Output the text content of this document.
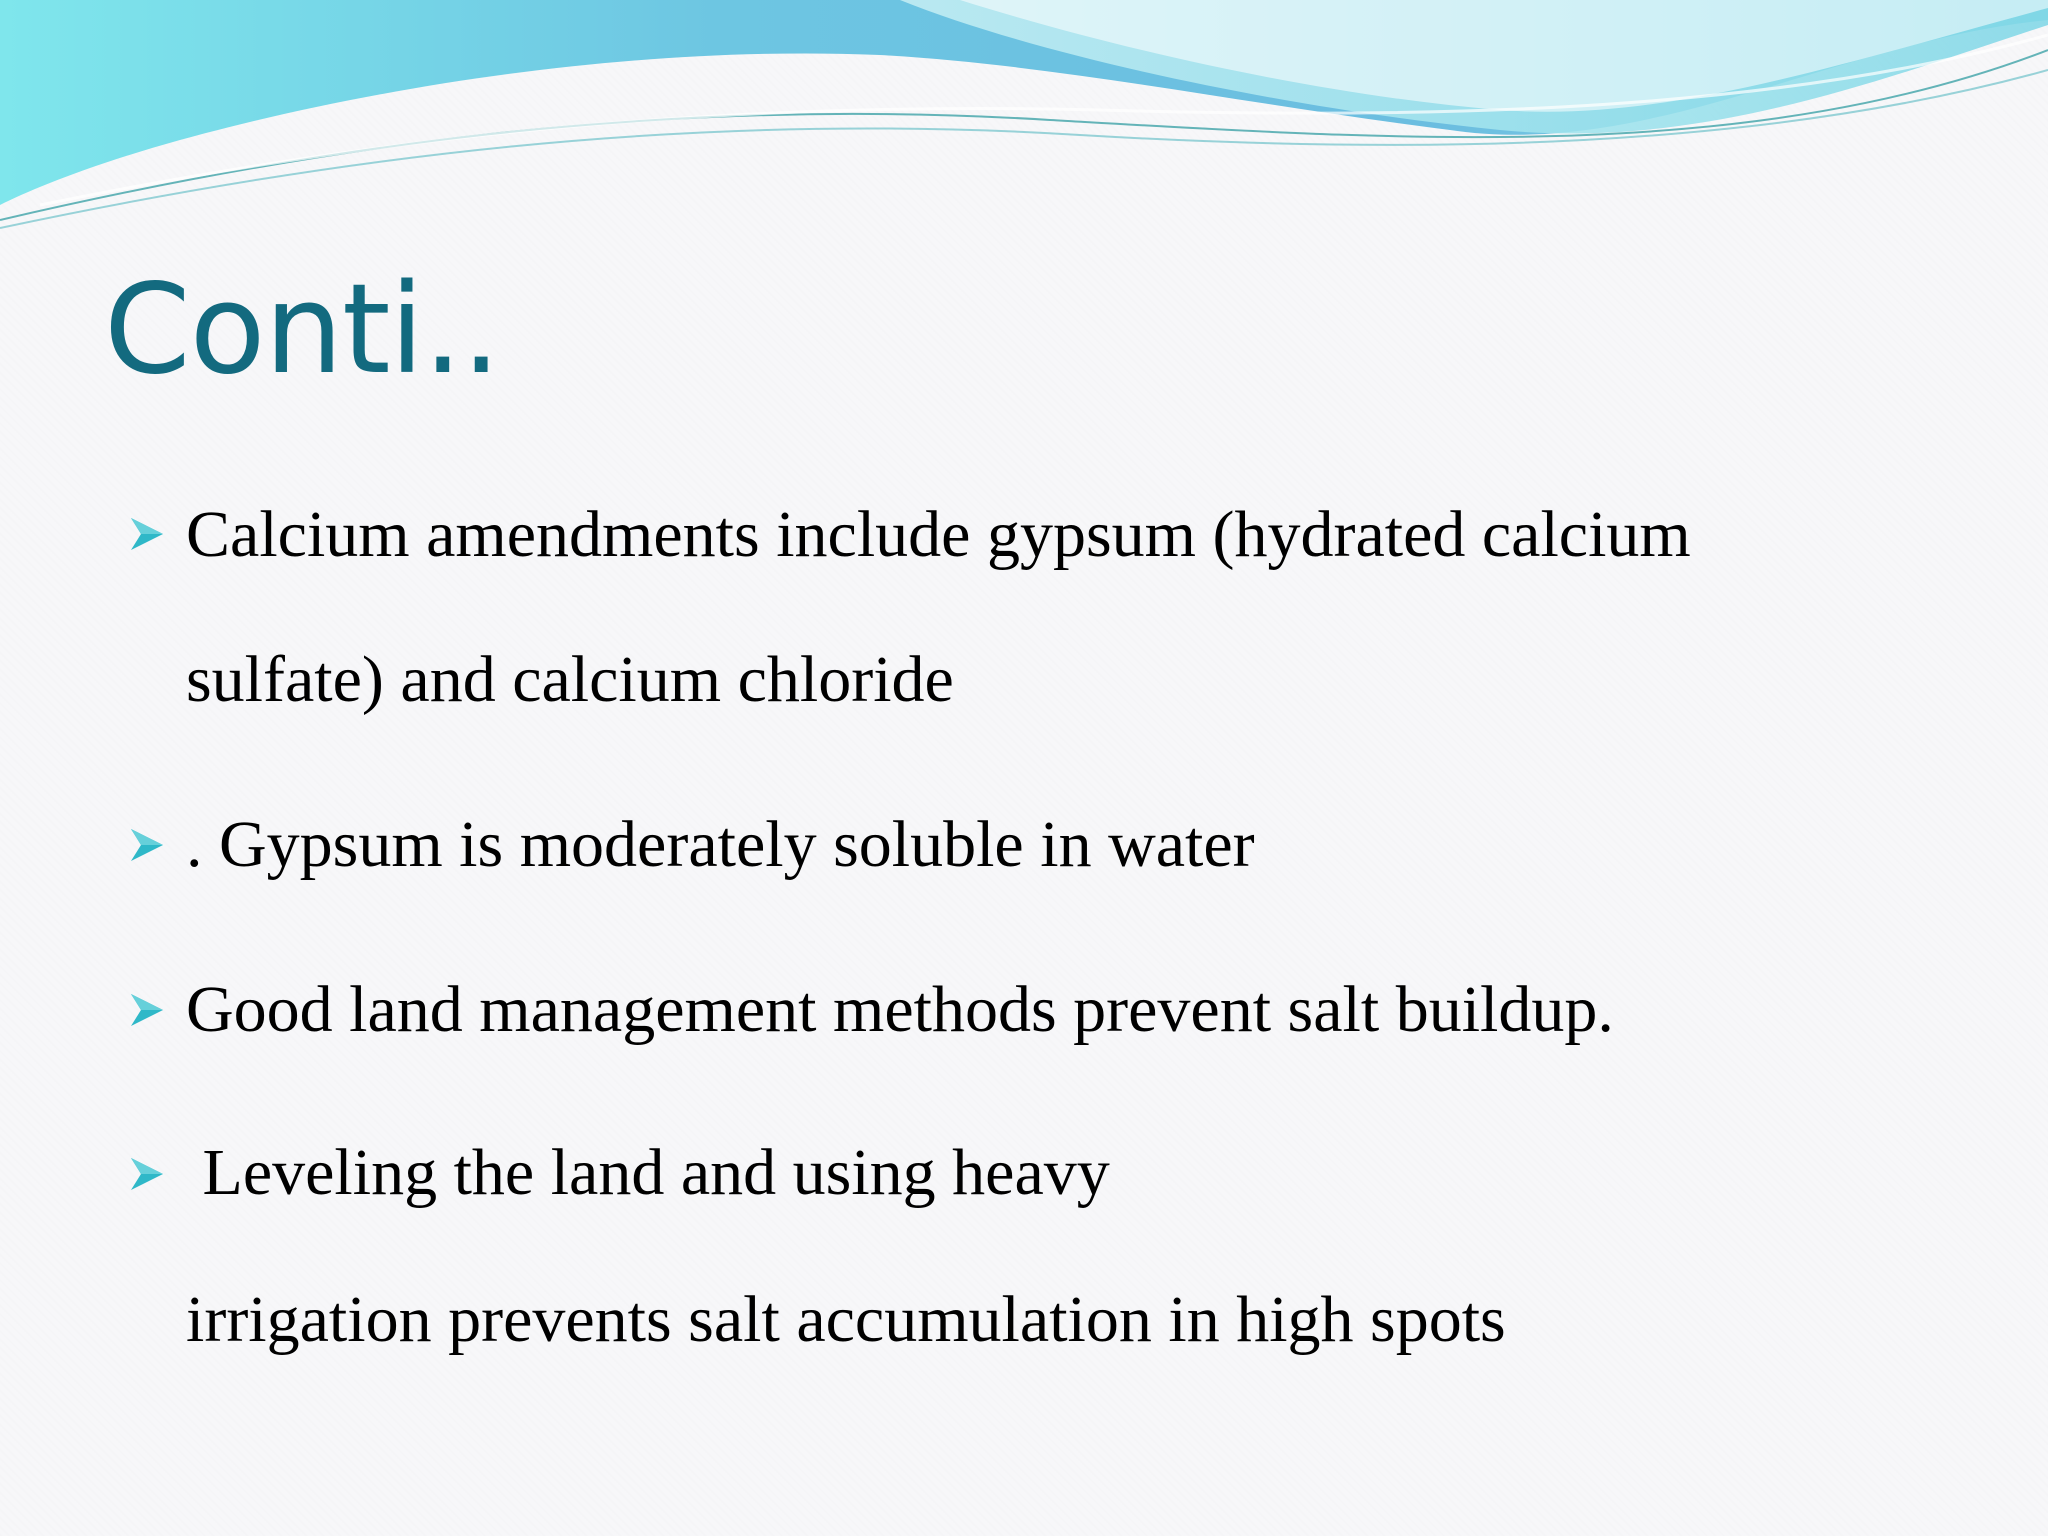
Conti..
Calcium amendments include gypsum (hydrated calcium
sulfate) and calcium chloride
. Gypsum is moderately soluble in water
Good land management methods prevent salt buildup.
Leveling the land and using heavy
irrigation prevents salt accumulation in high spots
